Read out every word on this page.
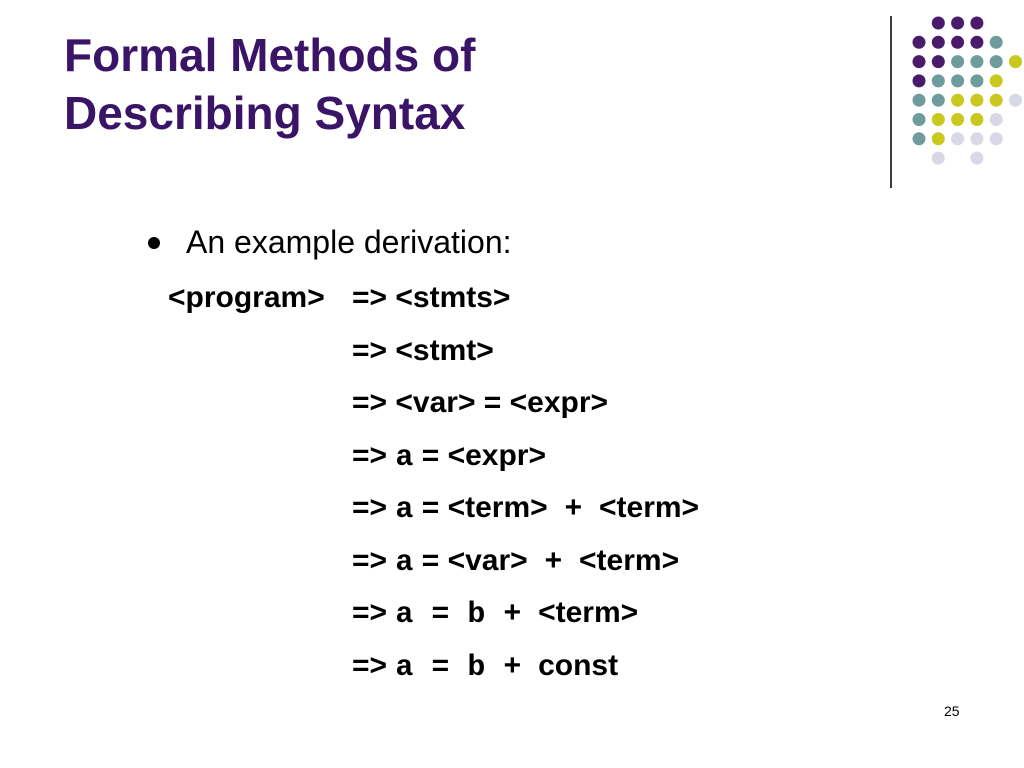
Formal Methods of
Describing Syntax
An example derivation:
<program> => <stmts>
=> <stmt>
=> <var> = <expr>
=> a = <expr>
=> a = <term> + <term>
=> a = <var> + <term>
=> a = b + <term>
=> a = b + const
25
